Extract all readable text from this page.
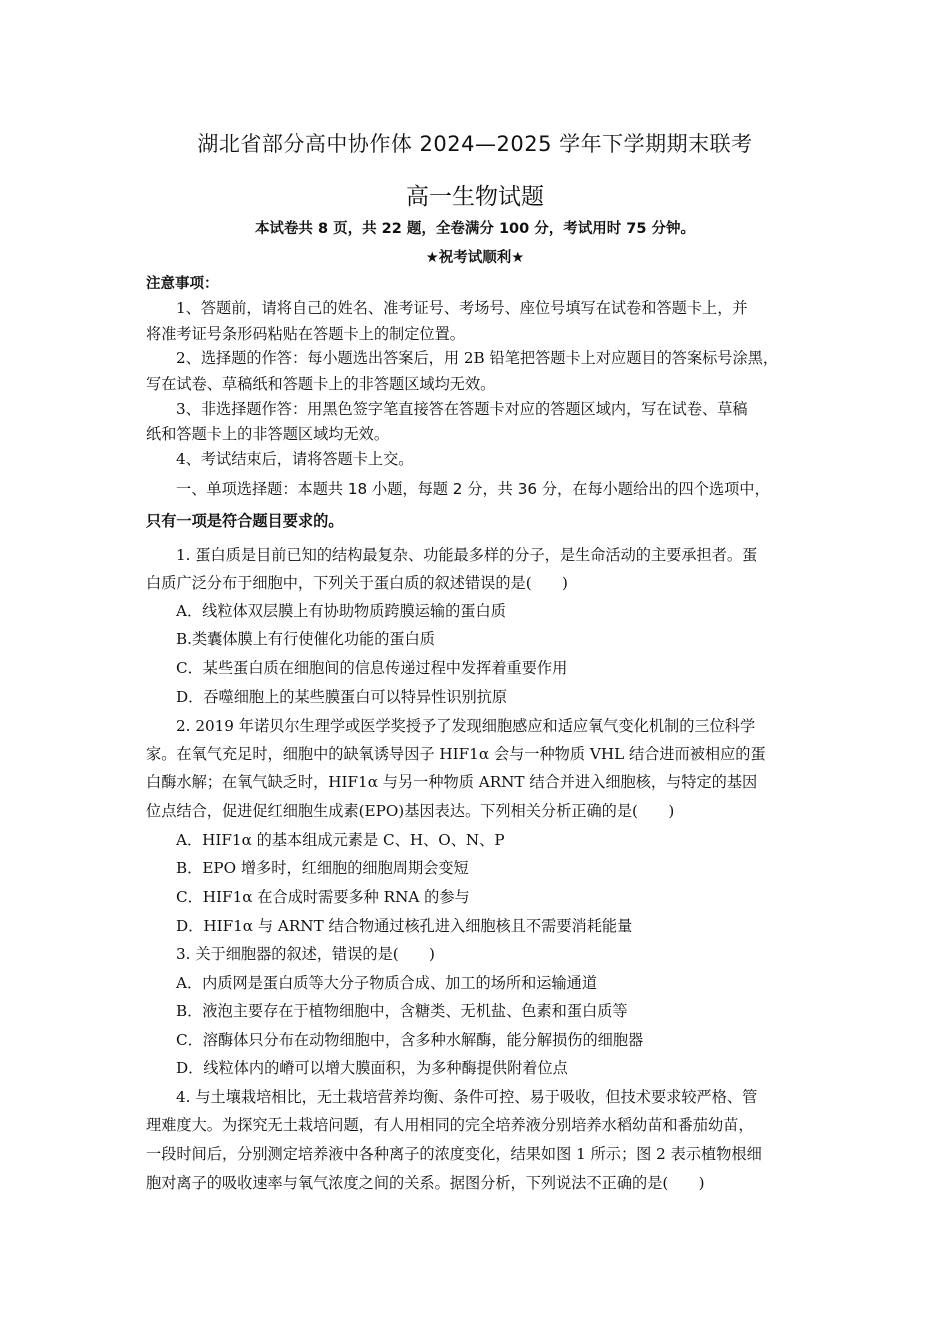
湖北省部分高中协作体 2024—2025 学年下学期期末联考
高一生物试题
本试卷共 8 页，共 22 题，全卷满分 100 分，考试用时 75 分钟。
★祝考试顺利★
注意事项：
1、答题前，请将自己的姓名、准考证号、考场号、座位号填写在试卷和答题卡上，并
将准考证号条形码粘贴在答题卡上的制定位置。
2、选择题的作答：每小题选出答案后，用 2B 铅笔把答题卡上对应题目的答案标号涂黑，
写在试卷、草稿纸和答题卡上的非答题区域均无效。
3、非选择题作答：用黑色签字笔直接答在答题卡对应的答题区域内，写在试卷、草稿
纸和答题卡上的非答题区域均无效。
4、考试结束后，请将答题卡上交。
一、单项选择题：本题共 18 小题，每题 2 分，共 36 分，在每小题给出的四个选项中，
只有一项是符合题目要求的。
1. 蛋白质是目前已知的结构最复杂、功能最多样的分子，是生命活动的主要承担者。蛋
白质广泛分布于细胞中，下列关于蛋白质的叙述错误的是(　　)
A．线粒体双层膜上有协助物质跨膜运输的蛋白质
B.类囊体膜上有行使催化功能的蛋白质
C．某些蛋白质在细胞间的信息传递过程中发挥着重要作用
D．吞噬细胞上的某些膜蛋白可以特异性识别抗原
2. 2019 年诺贝尔生理学或医学奖授予了发现细胞感应和适应氧气变化机制的三位科学
家。在氧气充足时，细胞中的缺氧诱导因子 HIF1α 会与一种物质 VHL 结合进而被相应的蛋
白酶水解；在氧气缺乏时，HIF1α 与另一种物质 ARNT 结合并进入细胞核，与特定的基因
位点结合，促进促红细胞生成素(EPO)基因表达。下列相关分析正确的是(　　)
A．HIF1α 的基本组成元素是 C、H、O、N、P
B．EPO 增多时，红细胞的细胞周期会变短
C．HIF1α 在合成时需要多种 RNA 的参与
D．HIF1α 与 ARNT 结合物通过核孔进入细胞核且不需要消耗能量
3. 关于细胞器的叙述，错误的是(　　)
A．内质网是蛋白质等大分子物质合成、加工的场所和运输通道
B．液泡主要存在于植物细胞中，含糖类、无机盐、色素和蛋白质等
C．溶酶体只分布在动物细胞中，含多种水解酶，能分解损伤的细胞器
D．线粒体内的嵴可以增大膜面积，为多种酶提供附着位点
4. 与土壤栽培相比，无土栽培营养均衡、条件可控、易于吸收，但技术要求较严格、管
理难度大。为探究无土栽培问题，有人用相同的完全培养液分别培养水稻幼苗和番茄幼苗，
一段时间后，分别测定培养液中各种离子的浓度变化，结果如图 1 所示；图 2 表示植物根细
胞对离子的吸收速率与氧气浓度之间的关系。据图分析，下列说法不正确的是(　　)
